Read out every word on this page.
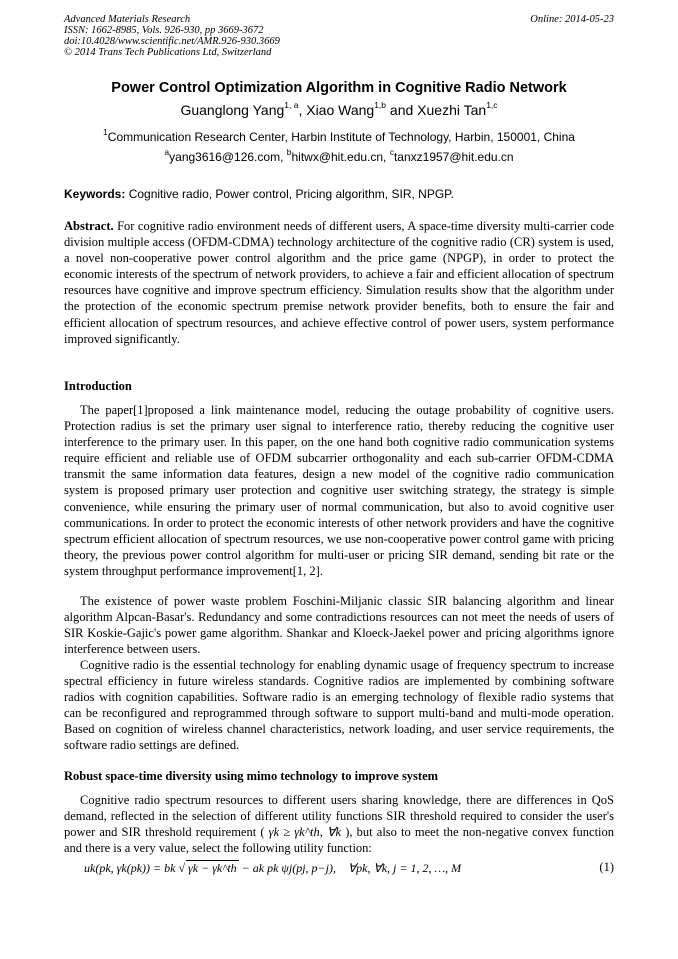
Advanced Materials Research
ISSN: 1662-8985, Vols. 926-930, pp 3669-3672
doi:10.4028/www.scientific.net/AMR.926-930.3669
© 2014 Trans Tech Publications Ltd, Switzerland
Online: 2014-05-23
Power Control Optimization Algorithm in Cognitive Radio Network
Guanglong Yang$^{1, a}$, Xiao Wang$^{1,b}$ and Xuezhi Tan$^{1,c}$
$^1$Communication Research Center, Harbin Institute of Technology, Harbin, 150001, China
$^a$yang3616@126.com, $^b$hitwx@hit.edu.cn, $^c$tanxz1957@hit.edu.cn
Keywords: Cognitive radio, Power control, Pricing algorithm, SIR, NPGP.
Abstract. For cognitive radio environment needs of different users, A space-time diversity multi-carrier code division multiple access (OFDM-CDMA) technology architecture of the cognitive radio (CR) system is used, a novel non-cooperative power control algorithm and the price game (NPGP), in order to protect the economic interests of the spectrum of network providers, to achieve a fair and efficient allocation of spectrum resources have cognitive and improve spectrum efficiency. Simulation results show that the algorithm under the protection of the economic spectrum premise network provider benefits, both to ensure the fair and efficient allocation of spectrum resources, and achieve effective control of power users, system performance improved significantly.
Introduction
The paper[1]proposed a link maintenance model, reducing the outage probability of cognitive users. Protection radius is set the primary user signal to interference ratio, thereby reducing the cognitive user interference to the primary user. In this paper, on the one hand both cognitive radio communication systems require efficient and reliable use of OFDM subcarrier orthogonality and each sub-carrier OFDM-CDMA transmit the same information data features, design a new model of the cognitive radio communication system is proposed primary user protection and cognitive user switching strategy, the strategy is simple convenience, while ensuring the primary user of normal communication, but also to avoid cognitive user communications. In order to protect the economic interests of other network providers and have the cognitive spectrum efficient allocation of spectrum resources, we use non-cooperative power control game with pricing theory, the previous power control algorithm for multi-user or pricing SIR demand, sending bit rate or the system throughput performance improvement[1, 2].
The existence of power waste problem Foschini-Miljanic classic SIR balancing algorithm and linear algorithm Alpcan-Basar's. Redundancy and some contradictions resources can not meet the needs of users of SIR Koskie-Gajic's power game algorithm. Shankar and Kloeck-Jaekel power and pricing algorithms ignore interference between users.
Cognitive radio is the essential technology for enabling dynamic usage of frequency spectrum to increase spectral efficiency in future wireless standards. Cognitive radios are implemented by combining software radios with cognition capabilities. Software radio is an emerging technology of flexible radio systems that can be reconfigured and reprogrammed through software to support multi-band and multi-mode operation. Based on cognition of wireless channel characteristics, network loading, and user service requirements, the software radio settings are defined.
Robust space-time diversity using mimo technology to improve system
Cognitive radio spectrum resources to different users sharing knowledge, there are differences in QoS demand, reflected in the selection of different utility functions SIR threshold required to consider the user's power and SIR threshold requirement ( γk ≥ γk^th, ∀k ), but also to meet the non-negative convex function and there is a very value, select the following utility function:
uk(pk, γk(pk)) = bk √ γk − γk^th − ak pk ψj(pj, p−j), ∀pk, ∀k, j = 1, 2, …, M	(1)
